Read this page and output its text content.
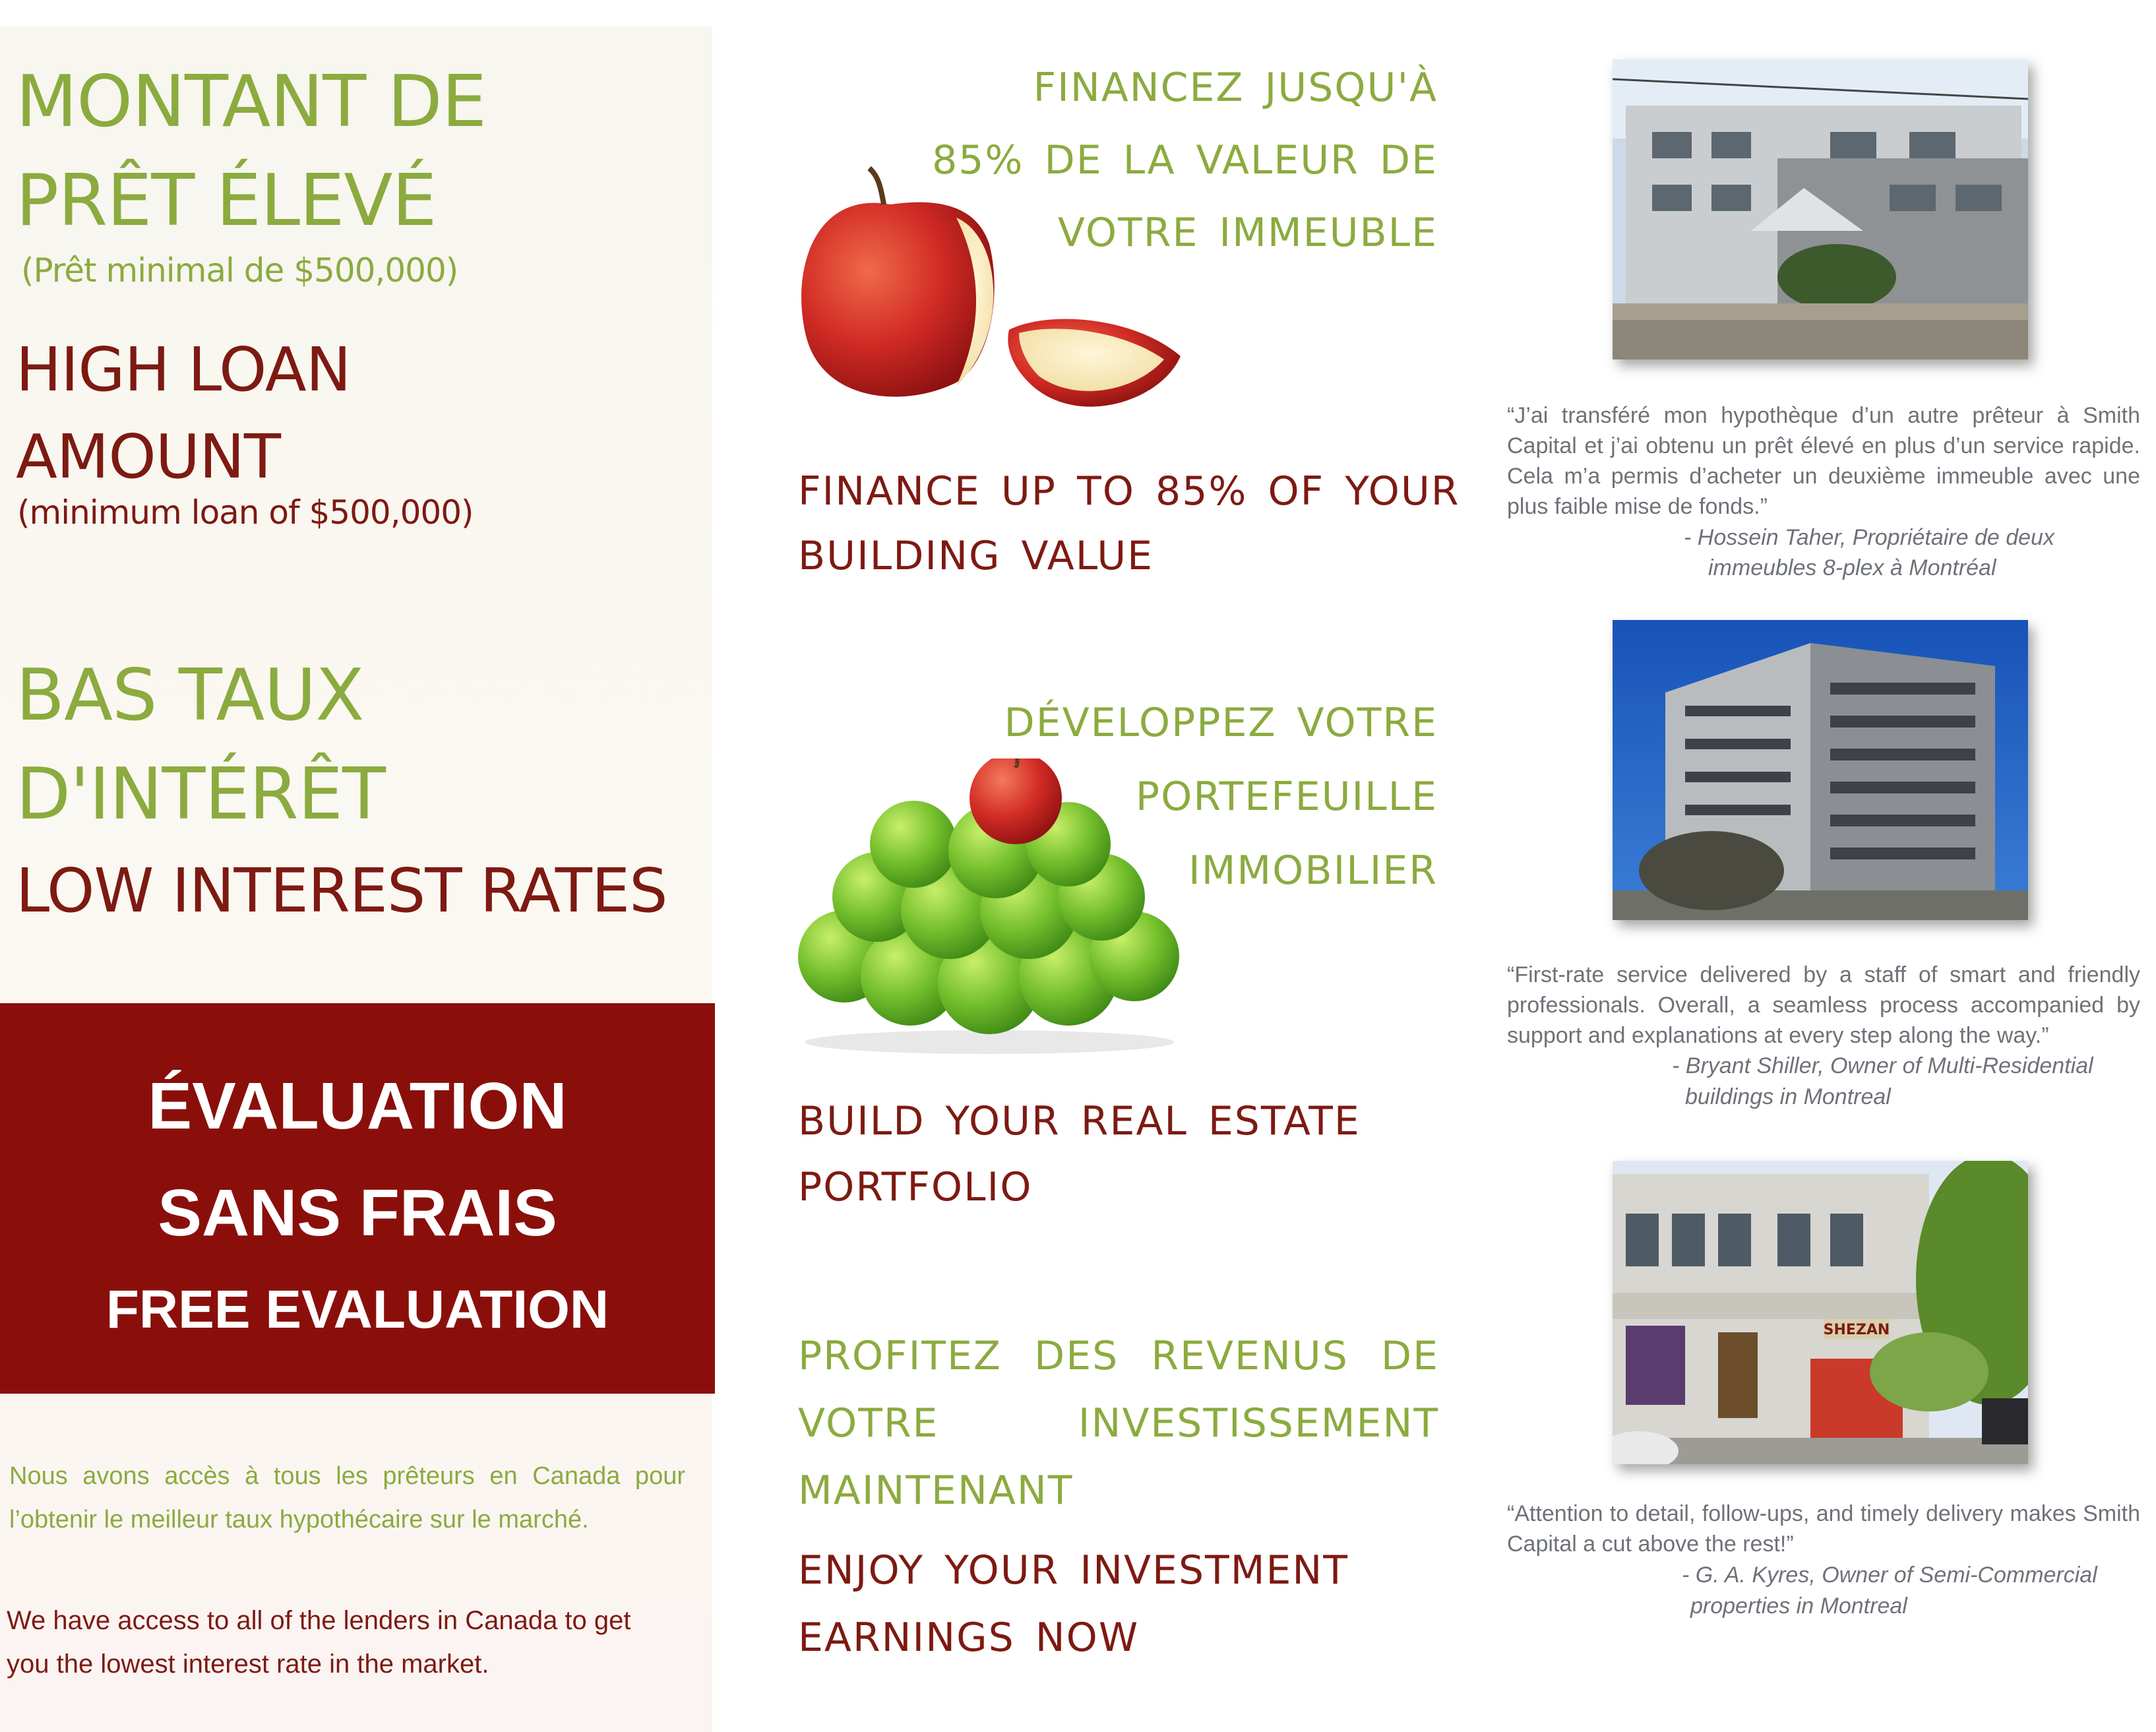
MONTANT DE
PRÊT ÉLEVÉ
(Prêt minimal de $500,000)
HIGH LOAN
AMOUNT
(minimum loan of $500,000)
BAS TAUX
D'INTÉRÊT
LOW INTEREST RATES
ÉVALUATION
SANS FRAIS
FREE EVALUATION
Nous avons accès à tous les prêteurs en Canada pour l’obtenir le meilleur taux hypothécaire sur le marché.
We have access to all of the lenders in Canada to get
you the lowest interest rate in the market.
FINANCEZ JUSQU'À
85% DE LA VALEUR DE
VOTRE IMMEUBLE
FINANCE UP TO 85% OF YOUR
BUILDING VALUE
DÉVELOPPEZ VOTRE
PORTEFEUILLE
IMMOBILIER
BUILD YOUR REAL ESTATE
PORTFOLIO
PROFITEZ DES REVENUS DE VOTRE INVESTISSEMENT MAINTENANT
ENJOY YOUR INVESTMENT
EARNINGS NOW
“J’ai transféré mon hypothèque d’un autre prêteur à Smith Capital et j’ai obtenu un prêt élevé en plus d’un service rapide. Cela m’a permis d’acheter un deuxième immeuble avec une plus faible mise de fonds.”
- Hossein Taher, Propriétaire de deux
immeubles 8-plex à Montréal
“First-rate service delivered by a staff of smart and friendly professionals. Overall, a seamless process accompanied by support and explanations at every step along the way.”
- Bryant Shiller, Owner of Multi-Residential
buildings in Montreal
SHEZAN
“Attention to detail, follow-ups, and timely delivery makes Smith Capital a cut above the rest!”
- G. A. Kyres, Owner of Semi-Commercial
properties in Montreal
